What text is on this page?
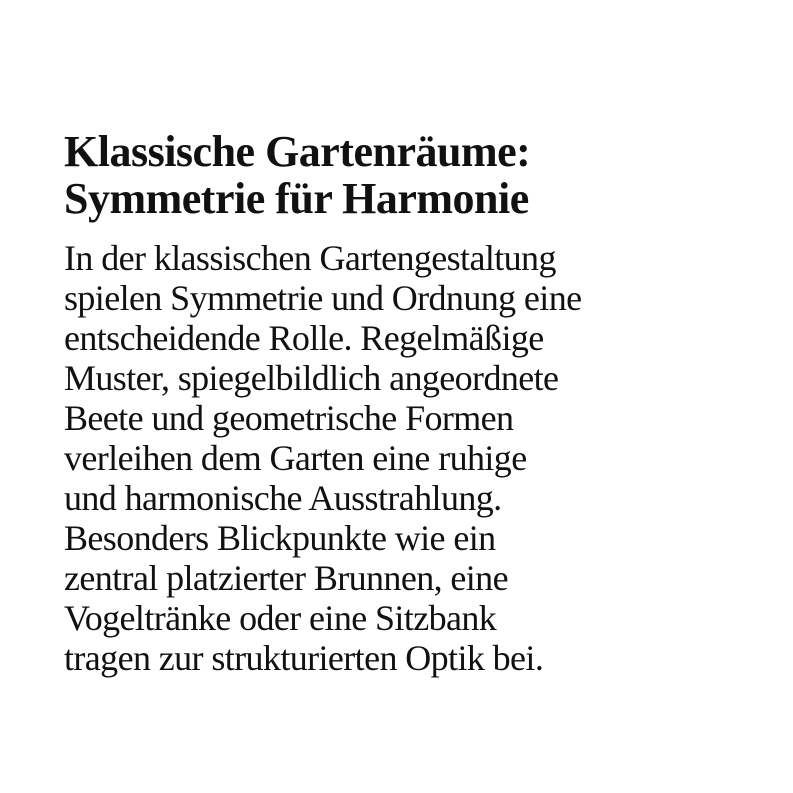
Klassische Gartenräume:
Symmetrie für Harmonie

In der klassischen Gartengestaltung
spielen Symmetrie und Ordnung eine
entscheidende Rolle. Regelmäßige
Muster, spiegelbildlich angeordnete
Beete und geometrische Formen
verleihen dem Garten eine ruhige
und harmonische Ausstrahlung.
Besonders Blickpunkte wie ein
zentral platzierter Brunnen, eine
Vogeltränke oder eine Sitzbank
tragen zur strukturierten Optik bei.
